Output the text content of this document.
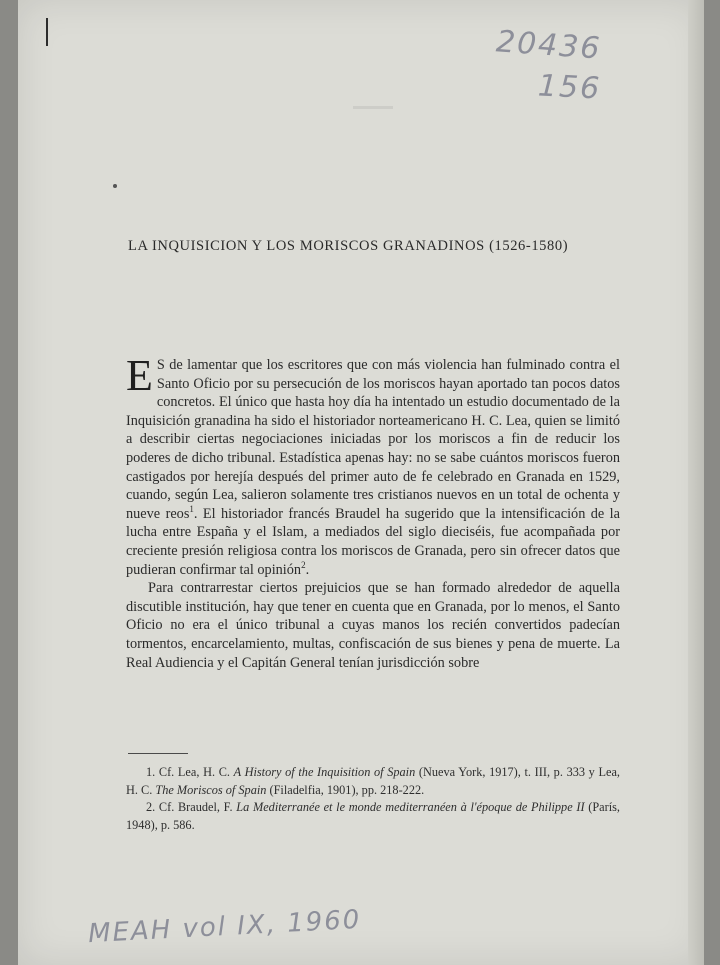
20436
156
LA INQUISICION Y LOS MORISCOS GRANADINOS (1526-1580)

E S de lamentar que los escritores que con más violencia han fulminado contra el Santo Oficio por su persecución de los moriscos hayan aportado tan pocos datos concretos. El único que hasta hoy día ha intentado un estudio documentado de la Inquisición granadina ha sido el historiador norteamericano H. C. Lea, quien se limitó a describir ciertas negociaciones iniciadas por los moriscos a fin de reducir los poderes de dicho tribunal. Estadística apenas hay: no se sabe cuántos moriscos fueron castigados por herejía después del primer auto de fe celebrado en Granada en 1529, cuando, según Lea, salieron solamente tres cristianos nuevos en un total de ochenta y nueve reos$^1$. El historiador francés Braudel ha sugerido que la intensificación de la lucha entre España y el Islam, a mediados del siglo dieciséis, fue acompañada por creciente presión religiosa contra los moriscos de Granada, pero sin ofrecer datos que pudieran confirmar tal opinión$^2$.

Para contrarrestar ciertos prejuicios que se han formado alrededor de aquella discutible institución, hay que tener en cuenta que en Granada, por lo menos, el Santo Oficio no era el único tribunal a cuyas manos los recién convertidos padecían tormentos, encarcelamiento, multas, confiscación de sus bienes y pena de muerte. La Real Audiencia y el Capitán General tenían jurisdicción sobre

1. Cf. Lea, H. C. A History of the Inquisition of Spain (Nueva York, 1917), t. III, p. 333 y Lea, H. C. The Moriscos of Spain (Filadelfia, 1901), pp. 218-222.

2. Cf. Braudel, F. La Mediterranée et le monde mediterranéen à l'époque de Philippe II (París, 1948), p. 586.

MEAH vol IX, 1960
